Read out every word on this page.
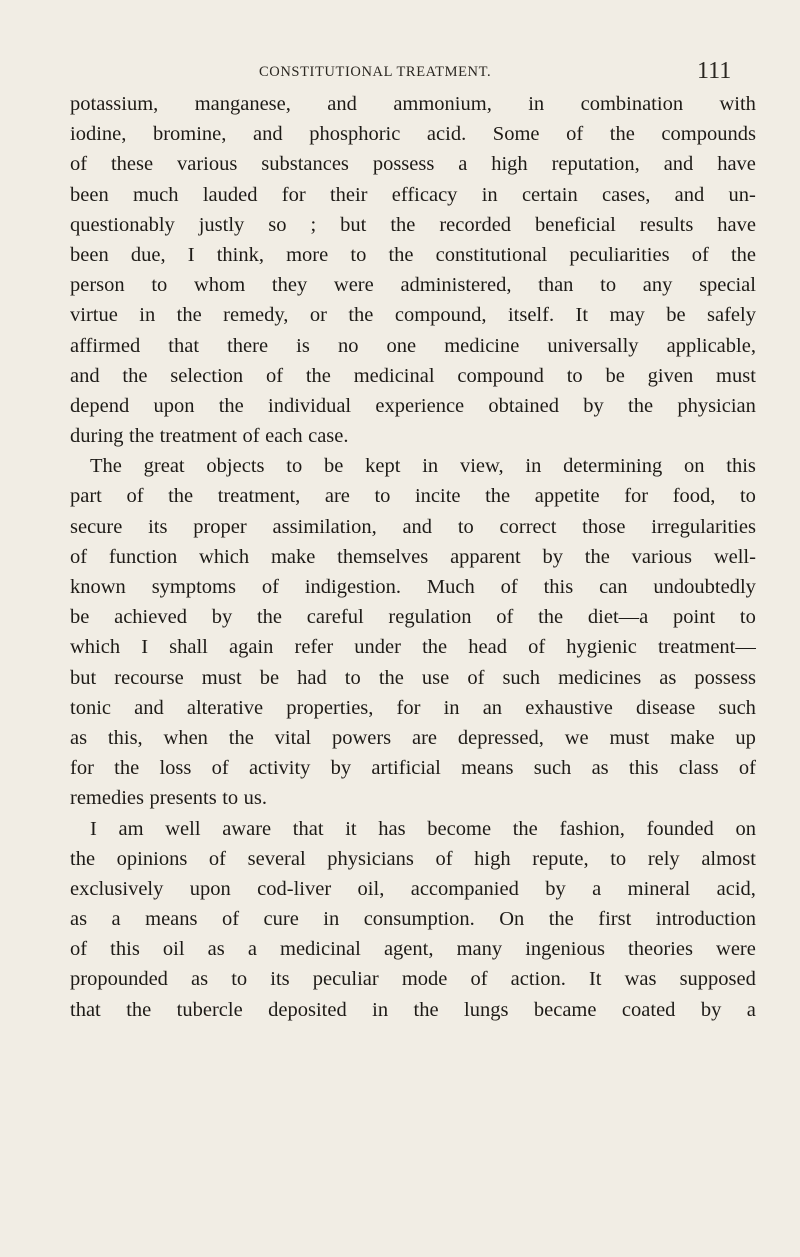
CONSTITUTIONAL TREATMENT.	111
potassium, manganese, and ammonium, in combination with
iodine, bromine, and phosphoric acid. Some of the compounds
of these various substances possess a high reputation, and have
been much lauded for their efficacy in certain cases, and un-
questionably justly so ; but the recorded beneficial results have
been due, I think, more to the constitutional peculiarities of the
person to whom they were administered, than to any special
virtue in the remedy, or the compound, itself. It may be safely
affirmed that there is no one medicine universally applicable,
and the selection of the medicinal compound to be given must
depend upon the individual experience obtained by the physician
during the treatment of each case.
The great objects to be kept in view, in determining on this
part of the treatment, are to incite the appetite for food, to
secure its proper assimilation, and to correct those irregularities
of function which make themselves apparent by the various well-
known symptoms of indigestion. Much of this can undoubtedly
be achieved by the careful regulation of the diet—a point to
which I shall again refer under the head of hygienic treatment—
but recourse must be had to the use of such medicines as possess
tonic and alterative properties, for in an exhaustive disease such
as this, when the vital powers are depressed, we must make up
for the loss of activity by artificial means such as this class of
remedies presents to us.
I am well aware that it has become the fashion, founded on
the opinions of several physicians of high repute, to rely almost
exclusively upon cod-liver oil, accompanied by a mineral acid,
as a means of cure in consumption. On the first introduction
of this oil as a medicinal agent, many ingenious theories were
propounded as to its peculiar mode of action. It was supposed
that the tubercle deposited in the lungs became coated by a
